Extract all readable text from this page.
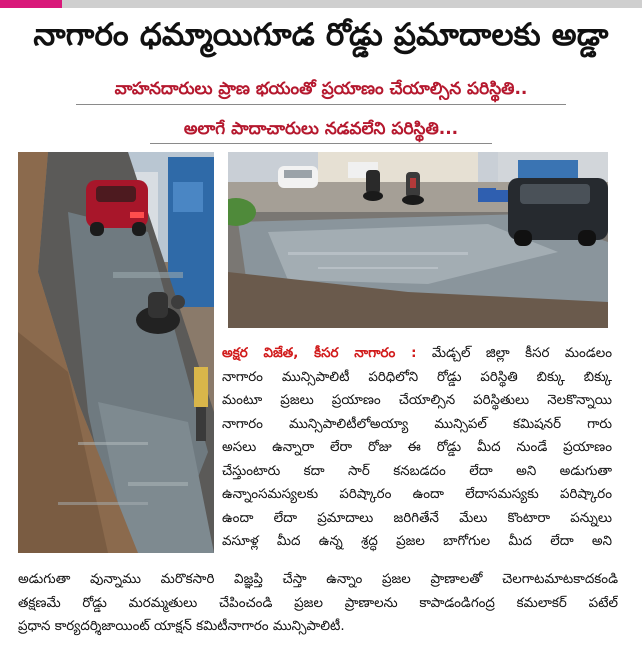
నాగారం ధమ్మాయిగూడ రోడ్డు ప్రమాదాలకు అడ్డా
వాహనదారులు ప్రాణ భయంతో ప్రయాణం చేయాల్సిన పరిస్థితి..
అలాగే పాదాచారులు నడవలేని పరిస్థితి...
అక్షర విజేత, కీసర నాగారం : మేడ్చల్ జిల్లా కీసర మండలం
నాగారం మున్సిపాలిటీ పరిధిలోని రోడ్డు పరిస్థితి బిక్కు బిక్కు
మంటూ ప్రజలు ప్రయాణం చేయాల్సిన పరిస్థితులు నెలకొన్నాయి
నాగారం మున్సిపాలిటీలోఅయ్యా మున్సిపల్ కమిషనర్ గారు
అసలు ఉన్నారా లేరా రోజు ఈ రోడ్డు మీద నుండే ప్రయాణం
చేస్తుంటారు కదా సార్ కనబడదం లేదా అని అడుగుతా
ఉన్నాంసమస్యలకు పరిష్కారం ఉందా లేదాసమస్యకు పరిష్కారం
ఉందా లేదా ప్రమాదాలు జరిగితేనే మేలు కొంటారా పన్నులు
వసూళ్ల మీద ఉన్న శ్రద్ధ ప్రజల బాగోగుల మీద లేదా అని
అడుగుతా వున్నాము మరొకసారి విజ్ఞప్తి చేస్తా ఉన్నాం ప్రజల ప్రాణాలతో చెలగాటమాటకాదకండి
తక్షణమే రోడ్డు మరమ్మతులు చేపించండి ప్రజల ప్రాణాలను కాపాడండిగంద్ర కమలాకర్ పటేల్
ప్రధాన కార్యదర్శిజాయింట్ యాక్షన్ కమిటీనాగారం మున్సిపాలిటీ.
